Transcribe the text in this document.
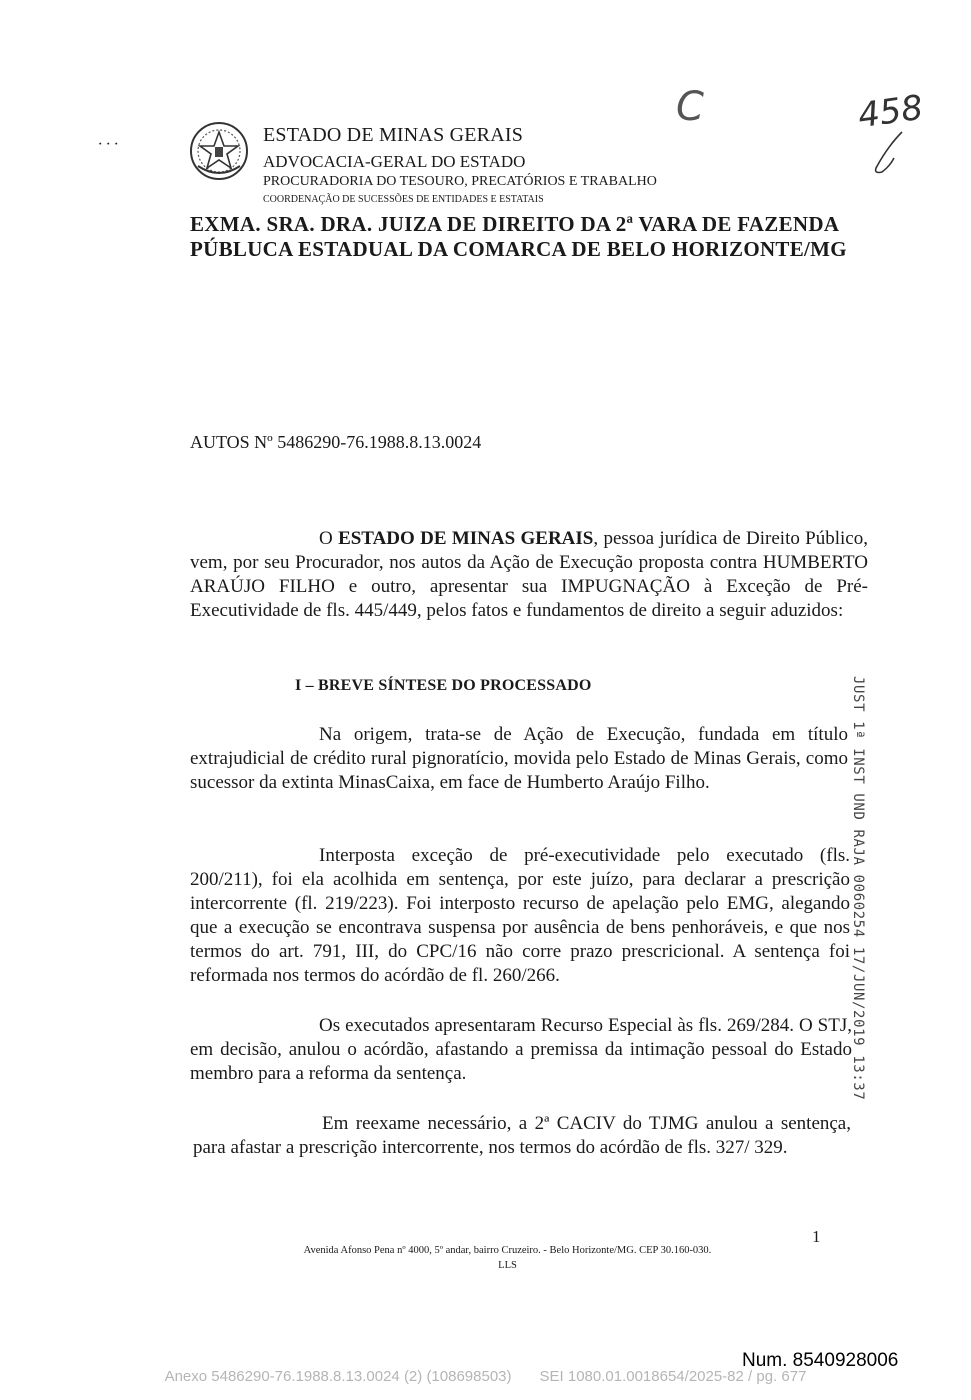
· · ·	ESTADO DE MINAS GERAIS
ADVOCACIA-GERAL DO ESTADO
PROCURADORIA DO TESOURO, PRECATÓRIOS E TRABALHO
COORDENAÇÃO DE SUCESSÕES DE ENTIDADES E ESTATAIS
C	458
EXMA. SRA. DRA. JUIZA DE DIREITO DA 2ª VARA DE FAZENDA
PÚBLUCA ESTADUAL DA COMARCA DE BELO HORIZONTE/MG
AUTOS Nº 5486290-76.1988.8.13.0024
O ESTADO DE MINAS GERAIS, pessoa jurídica de Direito Público, vem, por seu Procurador, nos autos da Ação de Execução proposta contra HUMBERTO ARAÚJO FILHO e outro, apresentar sua IMPUGNAÇÃO à Exceção de Pré-Executividade de fls. 445/449, pelos fatos e fundamentos de direito a seguir aduzidos:
I – BREVE SÍNTESE DO PROCESSADO
Na origem, trata-se de Ação de Execução, fundada em título extrajudicial de crédito rural pignoratício, movida pelo Estado de Minas Gerais, como sucessor da extinta MinasCaixa, em face de Humberto Araújo Filho.
Interposta exceção de pré-executividade pelo executado (fls. 200/211), foi ela acolhida em sentença, por este juízo, para declarar a prescrição intercorrente (fl. 219/223). Foi interposto recurso de apelação pelo EMG, alegando que a execução se encontrava suspensa por ausência de bens penhoráveis, e que nos termos do art. 791, III, do CPC/16 não corre prazo prescricional. A sentença foi reformada nos termos do acórdão de fl. 260/266.
Os executados apresentaram Recurso Especial às fls. 269/284. O STJ, em decisão, anulou o acórdão, afastando a premissa da intimação pessoal do Estado membro para a reforma da sentença.
Em reexame necessário, a 2ª CACIV do TJMG anulou a sentença, para afastar a prescrição intercorrente, nos termos do acórdão de fls. 327/ 329.
JUST 1ª INST UND RAJA 0060254 17/JUN/2019 13:37
1
Avenida Afonso Pena nº 4000, 5º andar, bairro Cruzeiro. - Belo Horizonte/MG. CEP 30.160-030.
LLS
Num. 8540928006
Anexo 5486290-76.1988.8.13.0024 (2) (108698503) SEI 1080.01.0018654/2025-82 / pg. 677
